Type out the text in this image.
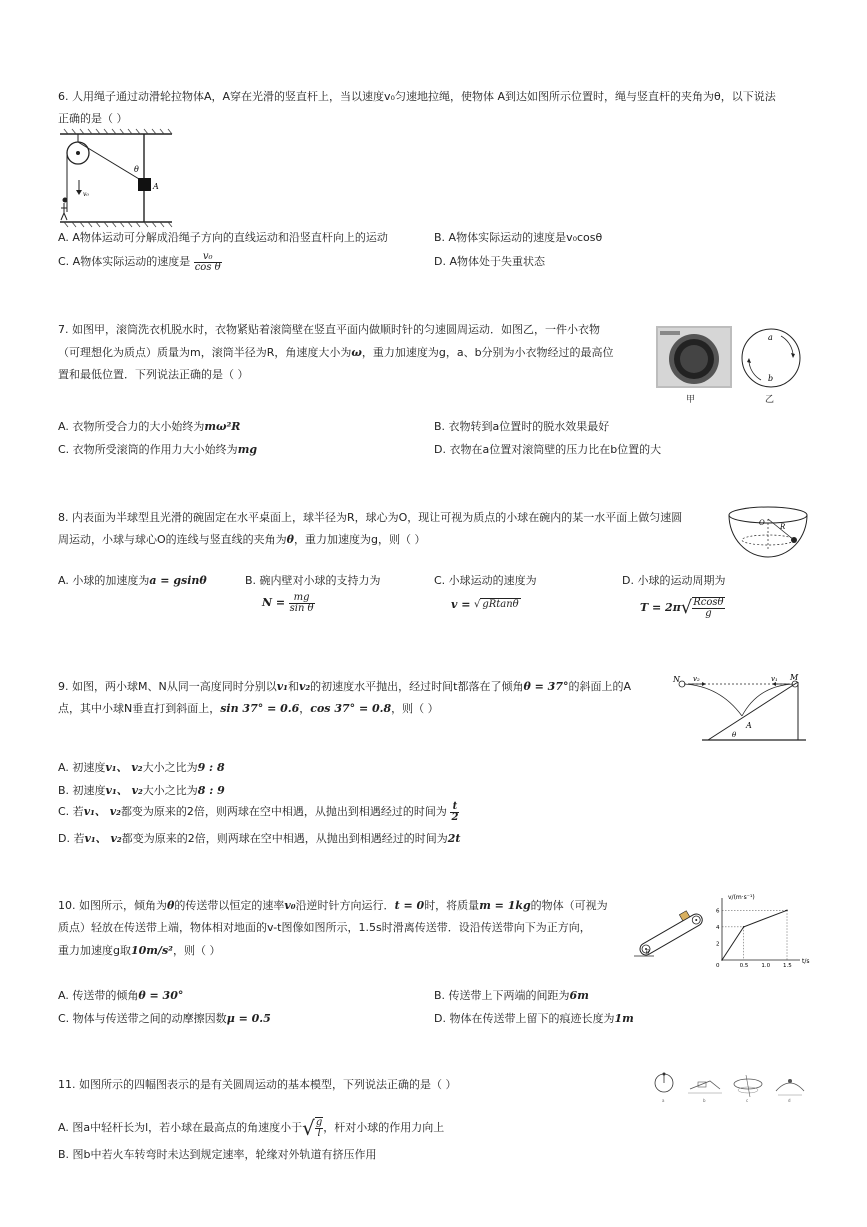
6. 人用绳子通过动滑轮拉物体A，A穿在光滑的竖直杆上，当以速度v₀匀速地拉绳，使物体 A到达如图所示位置时，绳与竖直杆的夹角为θ，以下说法
正确的是（ ）
A
θ
v₀
A. A物体运动可分解成沿绳子方向的直线运动和沿竖直杆向上的运动	B. A物体实际运动的速度是v₀cosθ
C. A物体实际运动的速度是 $\frac{\text{v₀}}{\text{cos θ}}$	D. A物体处于失重状态
7. 如图甲，滚筒洗衣机脱水时，衣物紧贴着滚筒壁在竖直平面内做顺时针的匀速圆周运动．如图乙，一件小衣物
（可理想化为质点）质量为m，滚筒半径为R，角速度大小为ω，重力加速度为g，a、b分别为小衣物经过的最高位
置和最低位置．下列说法正确的是（ ）
甲
a
b
乙
A. 衣物所受合力的大小始终为mω²R	B. 衣物转到a位置时的脱水效果最好
C. 衣物所受滚筒的作用力大小始终为mg	D. 衣物在a位置对滚筒壁的压力比在b位置的大
8. 内表面为半球型且光滑的碗固定在水平桌面上，球半径为R，球心为O，现让可视为质点的小球在碗内的某一水平面上做匀速圆
周运动，小球与球心O的连线与竖直线的夹角为θ，重力加速度为g，则（ ）
O R
A. 小球的加速度为a = gsinθ	B. 碗内壁对小球的支持力为
$N = \frac{mg}{\text{sin θ}}$
C. 小球运动的速度为
v = √ gRtanθ
D. 小球的运动周期为
$T = 2\pi√ \frac{Rcos\theta}{g}$
9. 如图，两小球M、N从同一高度同时分别以v₁和v₂的初速度水平抛出，经过时间t都落在了倾角θ = 37°的斜面上的A
点，其中小球N垂直打到斜面上，sin 37° = 0.6，cos 37° = 0.8，则（ ）
N	M
v₂	v₁
A
θ
A. 初速度v₁、 v₂大小之比为9 : 8
B. 初速度v₁、 v₂大小之比为8 : 9
C. 若v₁、 v₂都变为原来的2倍，则两球在空中相遇，从抛出到相遇经过的时间为 $\frac{t}{2}$
D. 若v₁、 v₂都变为原来的2倍，则两球在空中相遇，从抛出到相遇经过的时间为2t
10. 如图所示，倾角为θ的传送带以恒定的速率v₀沿逆时针方向运行．t = 0时，将质量m = 1kg的物体（可视为
质点）轻放在传送带上端，物体相对地面的v-t图像如图所示，1.5s时滑离传送带．设沿传送带向下为正方向，
重力加速度g取10m/s²，则（ ）	θ
v/(m·s⁻¹)
t/s
0	0.5 1.0 1.5
2
4
6
A. 传送带的倾角θ = 30°	B. 传送带上下两端的间距为6m
C. 物体与传送带之间的动摩擦因数μ = 0.5	D. 物体在传送带上留下的痕迹长度为1m
11. 如图所示的四幅图表示的是有关圆周运动的基本模型，下列说法正确的是（ ）
a	b	c	d
A. 图a中轻杆长为l，若小球在最高点的角速度小于√ $\frac{g}{l}$ ，杆对小球的作用力向上
B. 图b中若火车转弯时未达到规定速率，轮缘对外轨道有挤压作用
